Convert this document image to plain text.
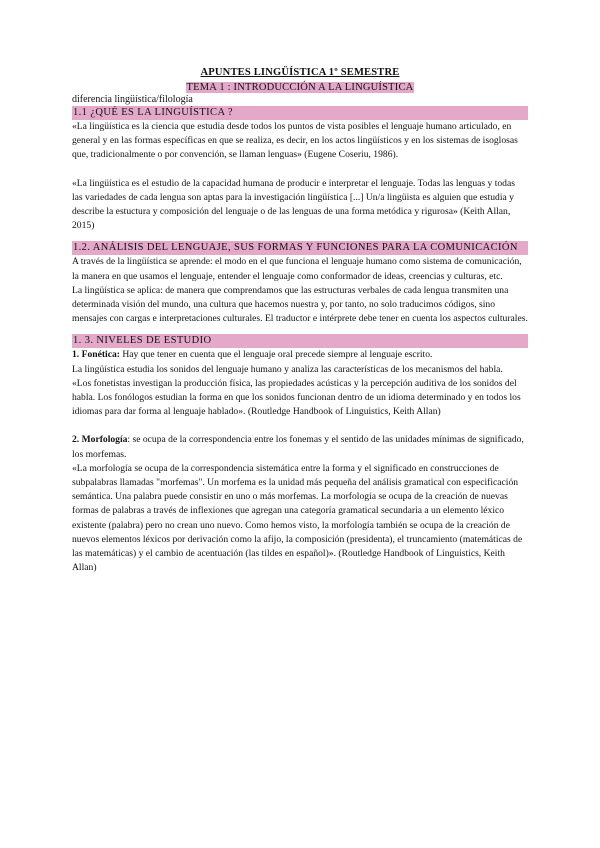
APUNTES LINGÜÍSTICA 1º SEMESTRE

TEMA 1 : INTRODUCCIÓN A LA LINGUÍSTICA

diferencia lingüística/filología

1.1 ¿QUÉ ES LA LINGUÍSTICA ?

«La lingüística es la ciencia que estudia desde todos los puntos de vista posibles el lenguaje humano articulado, en general y en las formas específicas en que se realiza, es decir, en los actos lingüísticos y en los sistemas de isoglosas que, tradicionalmente o por convención, se llaman lenguas» (Eugene Coseriu, 1986).

«La lingüística es el estudio de la capacidad humana de producir e interpretar el lenguaje. Todas las lenguas y todas las variedades de cada lengua son aptas para la investigación lingüística [...] Un/a lingüista es alguien que estudia y describe la estuctura y composición del lenguaje o de las lenguas de una forma metódica y rigurosa» (Keith Allan, 2015)

1.2. ANÁLISIS DEL LENGUAJE, SUS FORMAS Y FUNCIONES PARA LA COMUNICACIÓN

A través de la lingüística se aprende: el modo en el que funciona el lenguaje humano como sistema de comunicación, la manera en que usamos el lenguaje, entender el lenguaje como conformador de ideas, creencias y culturas, etc.

La lingüística se aplica: de manera que comprendamos que las estructuras verbales de cada lengua transmiten una determinada visión del mundo, una cultura que hacemos nuestra y, por tanto, no solo traducimos códigos, sino mensajes con cargas e interpretaciones culturales. El traductor e intérprete debe tener en cuenta los aspectos culturales.

1. 3. NIVELES DE ESTUDIO

1. Fonética: Hay que tener en cuenta que el lenguaje oral precede siempre al lenguaje escrito.

La lingüística estudia los sonidos del lenguaje humano y analiza las características de los mecanismos del habla.

«Los fonetistas investigan la producción física, las propiedades acústicas y la percepción auditiva de los sonidos del habla. Los fonólogos estudian la forma en que los sonidos funcionan dentro de un idioma determinado y en todos los idiomas para dar forma al lenguaje hablado». (Routledge Handbook of Linguistics, Keith Allan)

2. Morfología: se ocupa de la correspondencia entre los fonemas y el sentido de las unidades mínimas de significado, los morfemas.

«La morfología se ocupa de la correspondencia sistemática entre la forma y el significado en construcciones de subpalabras llamadas "morfemas". Un morfema es la unidad más pequeña del análisis gramatical con especificación semántica. Una palabra puede consistir en uno o más morfemas. La morfología se ocupa de la creación de nuevas formas de palabras a través de inflexiones que agregan una categoría gramatical secundaria a un elemento léxico existente (palabra) pero no crean uno nuevo. Como hemos visto, la morfología también se ocupa de la creación de nuevos elementos léxicos por derivación como la afijo, la composición (presidenta), el truncamiento (matemáticas de las matemáticas) y el cambio de acentuación (las tildes en español)». (Routledge Handbook of Linguistics, Keith Allan)
